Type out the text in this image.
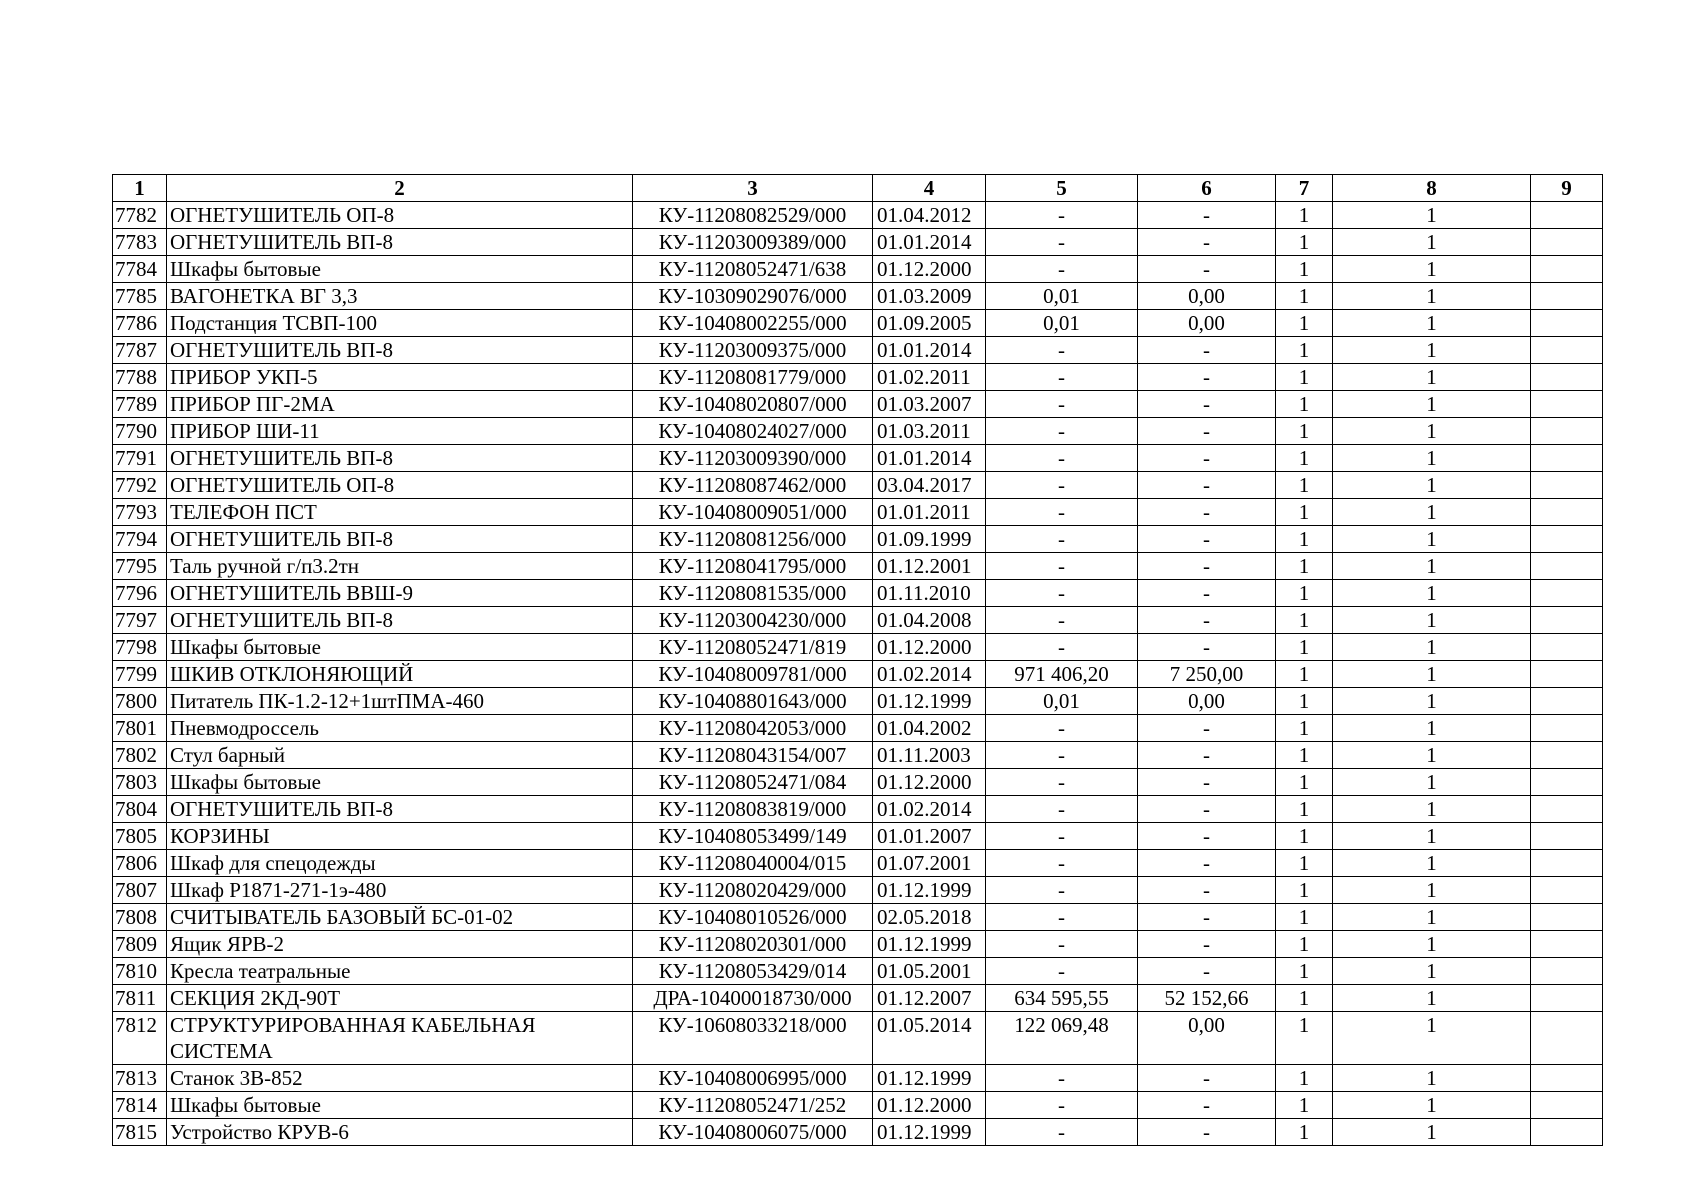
1	2	3	4	5	6	7	8	9
7782	ОГНЕТУШИТЕЛЬ ОП-8	КУ-11208082529/000	01.04.2012	-	-	1	1	
7783	ОГНЕТУШИТЕЛЬ ВП-8	КУ-11203009389/000	01.01.2014	-	-	1	1	
7784	Шкафы бытовые	КУ-11208052471/638	01.12.2000	-	-	1	1	
7785	ВАГОНЕТКА ВГ 3,3	КУ-10309029076/000	01.03.2009	0,01	0,00	1	1	
7786	Подстанция ТСВП-100	КУ-10408002255/000	01.09.2005	0,01	0,00	1	1	
7787	ОГНЕТУШИТЕЛЬ ВП-8	КУ-11203009375/000	01.01.2014	-	-	1	1	
7788	ПРИБОР УКП-5	КУ-11208081779/000	01.02.2011	-	-	1	1	
7789	ПРИБОР ПГ-2МА	КУ-10408020807/000	01.03.2007	-	-	1	1	
7790	ПРИБОР ШИ-11	КУ-10408024027/000	01.03.2011	-	-	1	1	
7791	ОГНЕТУШИТЕЛЬ ВП-8	КУ-11203009390/000	01.01.2014	-	-	1	1	
7792	ОГНЕТУШИТЕЛЬ ОП-8	КУ-11208087462/000	03.04.2017	-	-	1	1	
7793	ТЕЛЕФОН ПСТ	КУ-10408009051/000	01.01.2011	-	-	1	1	
7794	ОГНЕТУШИТЕЛЬ ВП-8	КУ-11208081256/000	01.09.1999	-	-	1	1	
7795	Таль ручной г/п3.2тн	КУ-11208041795/000	01.12.2001	-	-	1	1	
7796	ОГНЕТУШИТЕЛЬ ВВШ-9	КУ-11208081535/000	01.11.2010	-	-	1	1	
7797	ОГНЕТУШИТЕЛЬ ВП-8	КУ-11203004230/000	01.04.2008	-	-	1	1	
7798	Шкафы бытовые	КУ-11208052471/819	01.12.2000	-	-	1	1	
7799	ШКИВ ОТКЛОНЯЮЩИЙ	КУ-10408009781/000	01.02.2014	971 406,20	7 250,00	1	1	
7800	Питатель ПК-1.2-12+1штПМА-460	КУ-10408801643/000	01.12.1999	0,01	0,00	1	1	
7801	Пневмодроссель	КУ-11208042053/000	01.04.2002	-	-	1	1	
7802	Стул барный	КУ-11208043154/007	01.11.2003	-	-	1	1	
7803	Шкафы бытовые	КУ-11208052471/084	01.12.2000	-	-	1	1	
7804	ОГНЕТУШИТЕЛЬ ВП-8	КУ-11208083819/000	01.02.2014	-	-	1	1	
7805	КОРЗИНЫ	КУ-10408053499/149	01.01.2007	-	-	1	1	
7806	Шкаф для спецодежды	КУ-11208040004/015	01.07.2001	-	-	1	1	
7807	Шкаф Р1871-271-1э-480	КУ-11208020429/000	01.12.1999	-	-	1	1	
7808	СЧИТЫВАТЕЛЬ БАЗОВЫЙ БС-01-02	КУ-10408010526/000	02.05.2018	-	-	1	1	
7809	Ящик ЯРВ-2	КУ-11208020301/000	01.12.1999	-	-	1	1	
7810	Кресла театральные	КУ-11208053429/014	01.05.2001	-	-	1	1	
7811	СЕКЦИЯ 2КД-90Т	ДРА-10400018730/000	01.12.2007	634 595,55	52 152,66	1	1	
7812	СТРУКТУРИРОВАННАЯ КАБЕЛЬНАЯ СИСТЕМА	КУ-10608033218/000	01.05.2014	122 069,48	0,00	1	1	
7813	Станок 3В-852	КУ-10408006995/000	01.12.1999	-	-	1	1	
7814	Шкафы бытовые	КУ-11208052471/252	01.12.2000	-	-	1	1	
7815	Устройство КРУВ-6	КУ-10408006075/000	01.12.1999	-	-	1	1	
